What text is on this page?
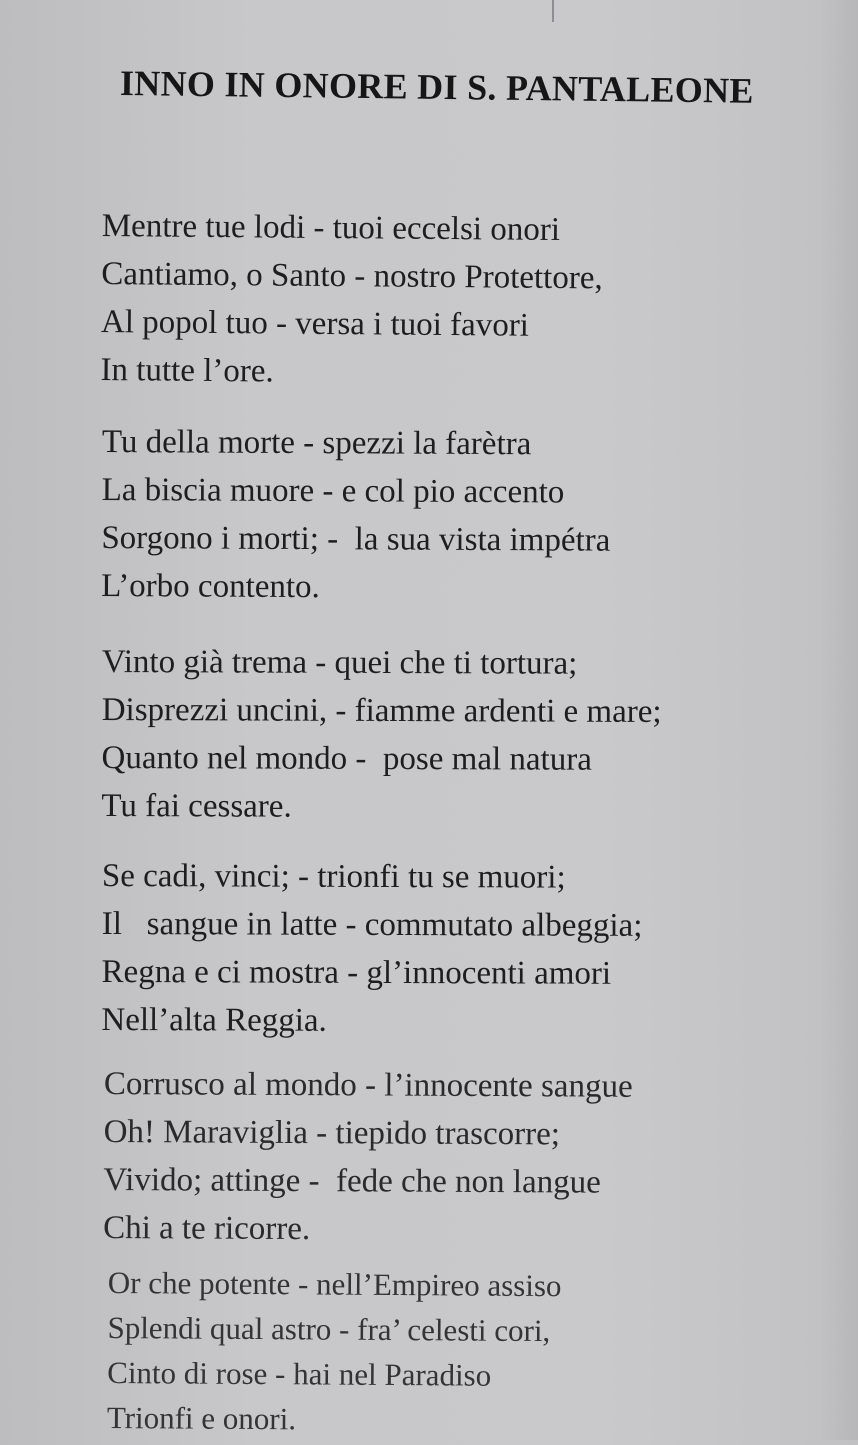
INNO IN ONORE DI S. PANTALEONE
Mentre tue lodi - tuoi eccelsi onori
Cantiamo, o Santo - nostro Protettore,
Al popol tuo - versa i tuoi favori
In tutte l’ore.
Tu della morte - spezzi la farètra
La biscia muore - e col pio accento
Sorgono i morti; -  la sua vista impétra
L’orbo contento.
Vinto già trema - quei che ti tortura;
Disprezzi uncini, - fiamme ardenti e mare;
Quanto nel mondo -  pose mal natura
Tu fai cessare.
Se cadi, vinci; - trionfi tu se muori;
Il   sangue in latte - commutato albeggia;
Regna e ci mostra - gl’innocenti amori
Nell’alta Reggia.
Corrusco al mondo - l’innocente sangue
Oh! Maraviglia - tiepido trascorre;
Vivido; attinge -  fede che non langue
Chi a te ricorre.
Or che potente - nell’Empireo assiso
Splendi qual astro - fra’ celesti cori,
Cinto di rose - hai nel Paradiso
Trionfi e onori.
